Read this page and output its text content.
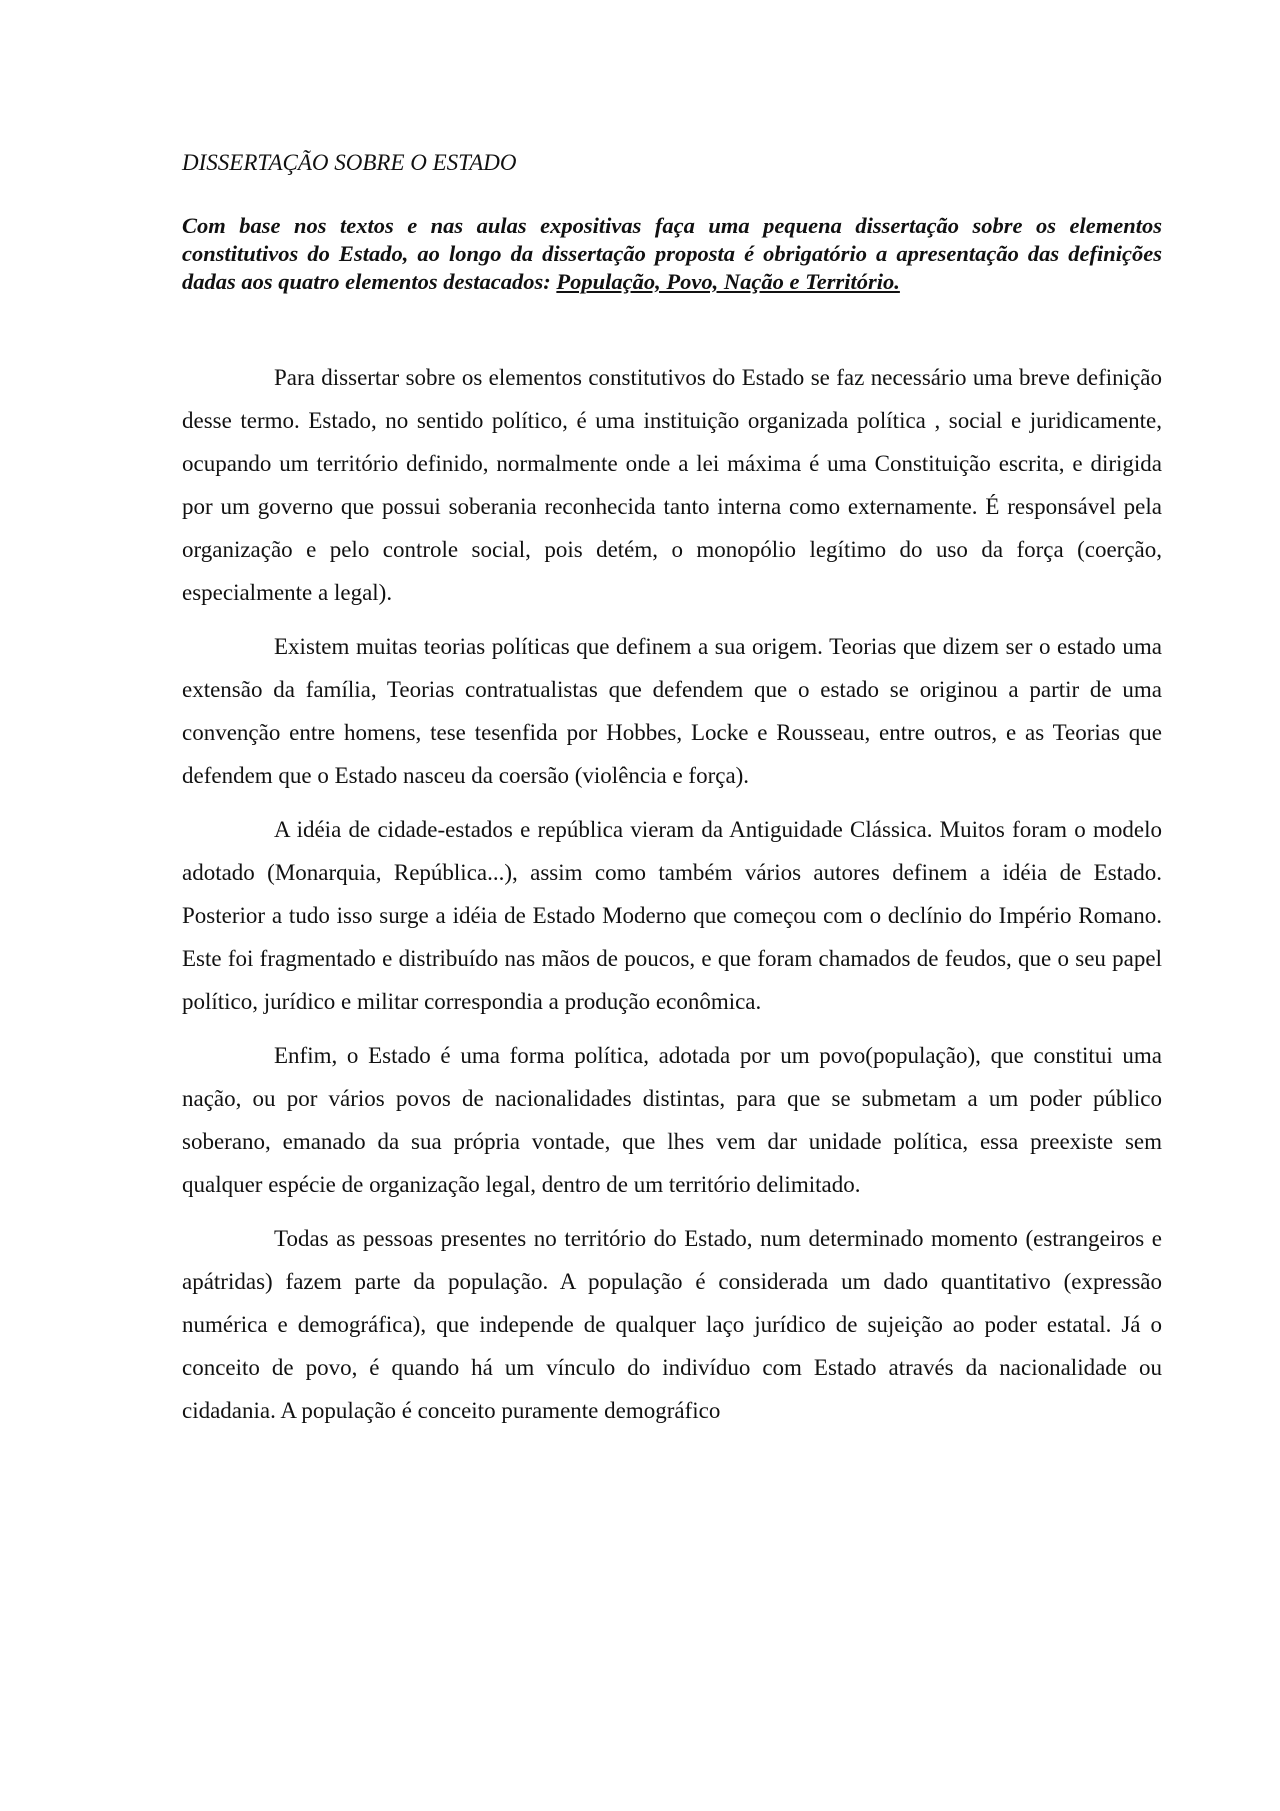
DISSERTAÇÃO SOBRE O ESTADO
Com base nos textos e nas aulas expositivas faça uma pequena dissertação sobre os elementos constitutivos do Estado, ao longo da dissertação proposta é obrigatório a apresentação das definições dadas aos quatro elementos destacados: População, Povo, Nação e Território.

Para dissertar sobre os elementos constitutivos do Estado se faz necessário uma breve definição desse termo. Estado, no sentido político, é uma instituição organizada política , social e juridicamente, ocupando um território definido, normalmente onde a lei máxima é uma Constituição escrita, e dirigida por um governo que possui soberania reconhecida tanto interna como externamente. É responsável pela organização e pelo controle social, pois detém, o monopólio legítimo do uso da força (coerção, especialmente a legal).

Existem muitas teorias políticas que definem a sua origem. Teorias que dizem ser o estado uma extensão da família, Teorias contratualistas que defendem que o estado se originou a partir de uma convenção entre homens, tese tesenfida por Hobbes, Locke e Rousseau, entre outros, e as Teorias que defendem que o Estado nasceu da coersão (violência e força).

A idéia de cidade-estados e república vieram da Antiguidade Clássica. Muitos foram o modelo adotado (Monarquia, República...), assim como também vários autores definem a idéia de Estado. Posterior a tudo isso surge a idéia de Estado Moderno que começou com o declínio do Império Romano. Este foi fragmentado e distribuído nas mãos de poucos, e que foram chamados de feudos, que o seu papel político, jurídico e militar correspondia a produção econômica.

Enfim, o Estado é uma forma política, adotada por um povo(população), que constitui uma nação, ou por vários povos de nacionalidades distintas, para que se submetam a um poder público soberano, emanado da sua própria vontade, que lhes vem dar unidade política, essa preexiste sem qualquer espécie de organização legal, dentro de um território delimitado.

Todas as pessoas presentes no território do Estado, num determinado momento (estrangeiros e apátridas) fazem parte da população. A população é considerada um dado quantitativo (expressão numérica e demográfica), que independe de qualquer laço jurídico de sujeição ao poder estatal. Já o conceito de povo, é quando há um vínculo do indivíduo com Estado através da nacionalidade ou cidadania. A população é conceito puramente demográfico
